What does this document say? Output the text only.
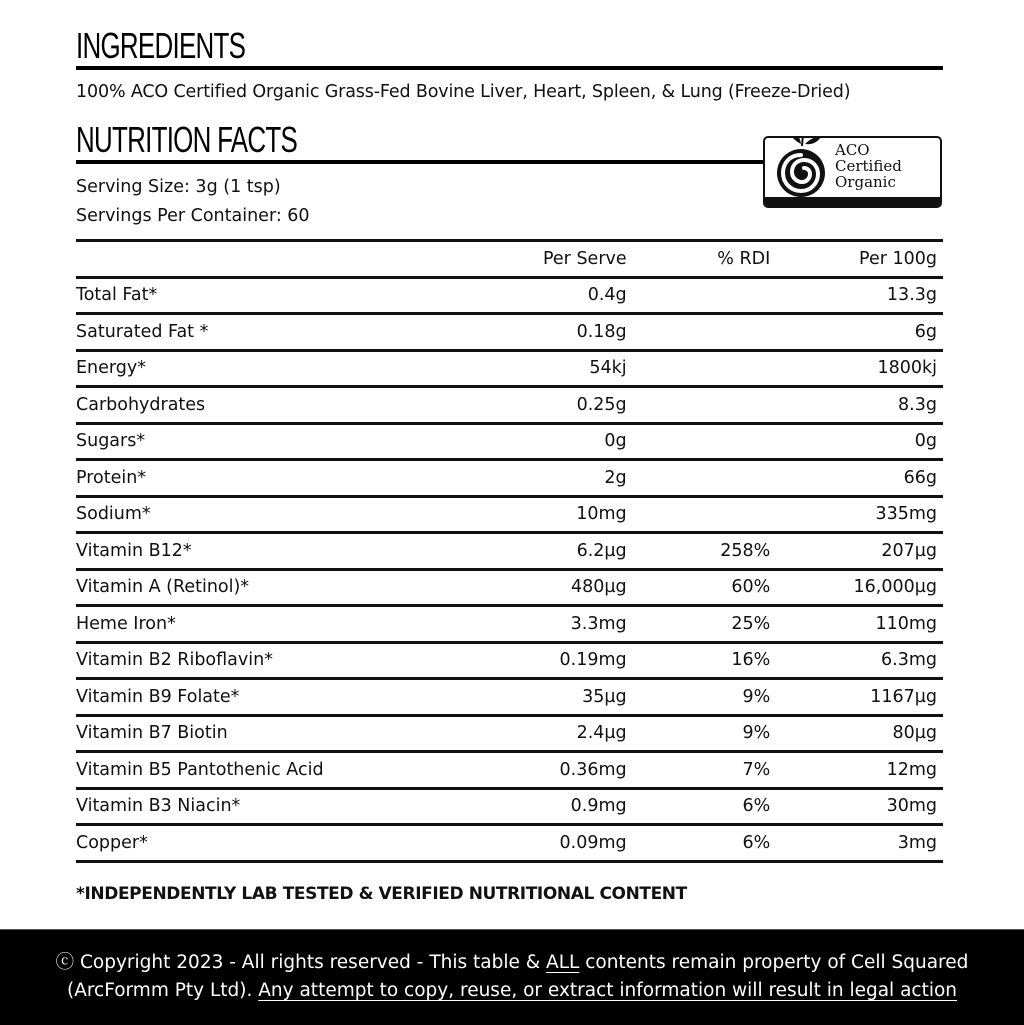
INGREDIENTS
100% ACO Certified Organic Grass-Fed Bovine Liver, Heart, Spleen, & Lung (Freeze-Dried)
NUTRITION FACTS
Serving Size: 3g (1 tsp)
Servings Per Container: 60
ACO
Certified
Organic
	Per Serve	% RDI	Per 100g
Total Fat*	0.4g		13.3g
Saturated Fat *	0.18g		6g
Energy*	54kj		1800kj
Carbohydrates	0.25g		8.3g
Sugars*	0g		0g
Protein*	2g		66g
Sodium*	10mg		335mg
Vitamin B12*	6.2µg	258%	207µg
Vitamin A (Retinol)*	480µg	60%	16,000µg
Heme Iron*	3.3mg	25%	110mg
Vitamin B2 Riboflavin*	0.19mg	16%	6.3mg
Vitamin B9 Folate*	35µg	9%	1167µg
Vitamin B7 Biotin	2.4µg	9%	80µg
Vitamin B5 Pantothenic Acid	0.36mg	7%	12mg
Vitamin B3 Niacin*	0.9mg	6%	30mg
Copper*	0.09mg	6%	3mg
*INDEPENDENTLY LAB TESTED & VERIFIED NUTRITIONAL CONTENT
ⓒ Copyright 2023 - All rights reserved - This table & ALL contents remain property of Cell Squared
(ArcFormm Pty Ltd). Any attempt to copy, reuse, or extract information will result in legal action
